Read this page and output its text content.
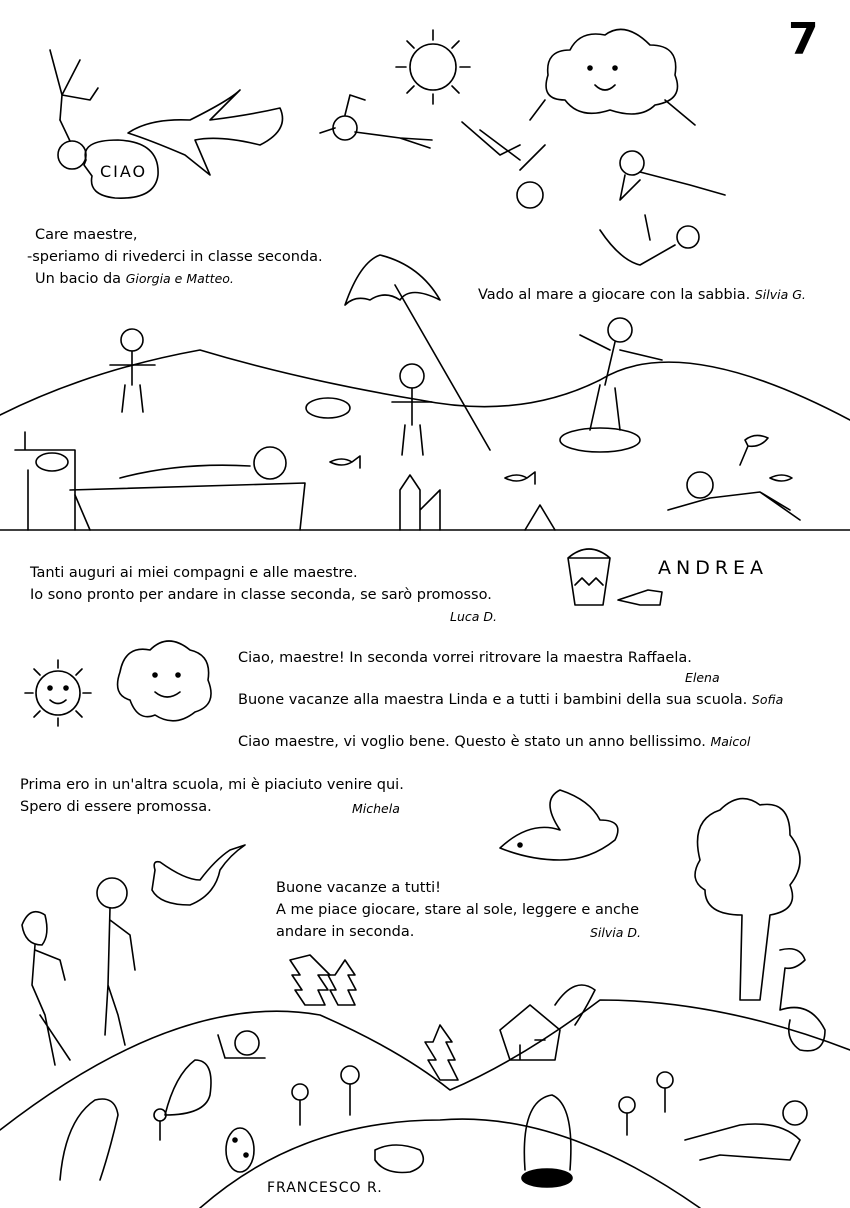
7
CIAO
Care maestre,
-speriamo di rivederci in classe seconda.
Un bacio da Giorgia e Matteo.
Vado al mare a giocare con la sabbia. Silvia G.
Tanti auguri ai miei compagni e alle maestre.
Io sono pronto per andare in classe seconda, se sarò promosso.
Luca D.
ANDREA
Ciao, maestre! In seconda vorrei ritrovare la maestra Raffaela.
Elena
Buone vacanze alla maestra Linda e a tutti i bambini della sua scuola. Sofia
Ciao maestre, vi voglio bene. Questo è stato un anno bellissimo. Maicol
Prima ero in un'altra scuola, mi è piaciuto venire qui.
Spero di essere promossa.	Michela
Buone vacanze a tutti!
A me piace giocare, stare al sole, leggere e anche
andare in seconda.	Silvia D.
FRANCESCO R.
